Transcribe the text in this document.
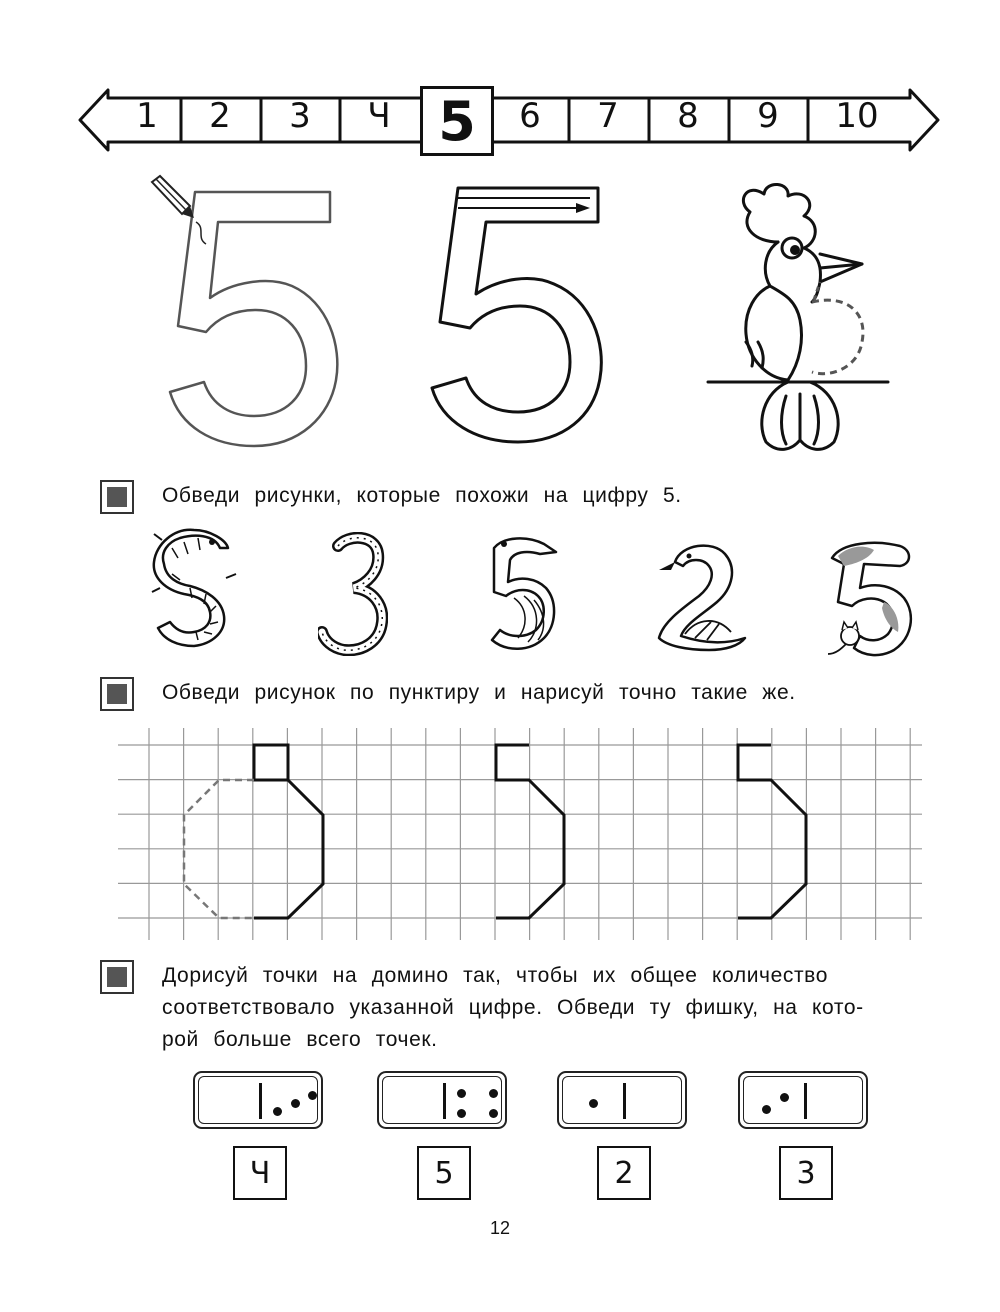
1	2	3	Ч 5	6	7	8	9	10
Обведи рисунки, которые похожи на цифру 5.
Обведи рисунок по пунктиру и нарисуй точно такие же.
Дорисуй точки на домино так, чтобы их общее количество
соответствовало указанной цифре. Обведи ту фишку, на кото-
рой больше всего точек.
Ч	5	2	3
12
